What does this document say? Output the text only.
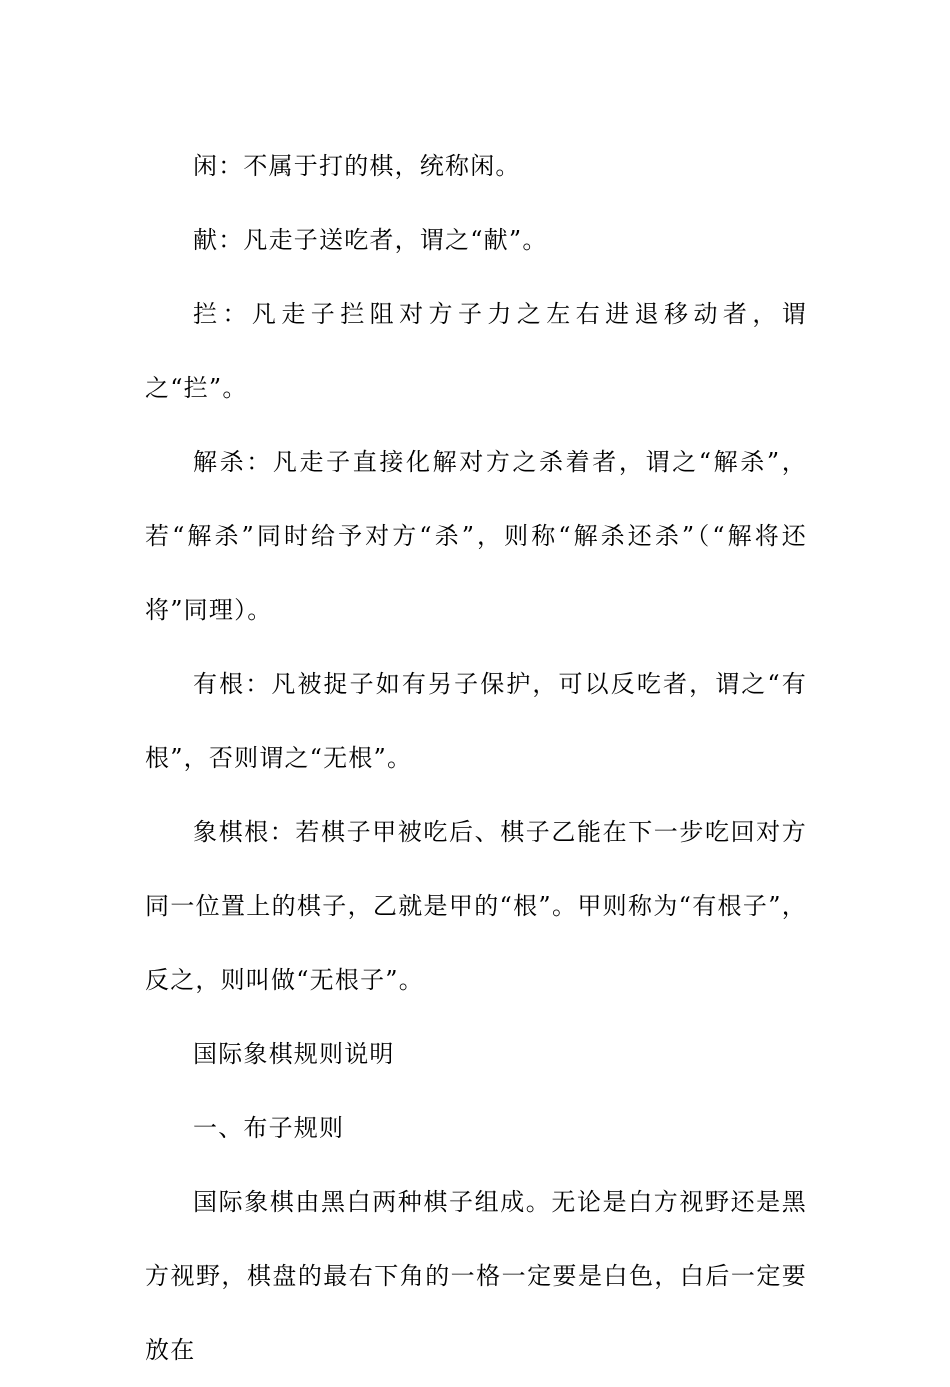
闲：不属于打的棋，统称闲。

献：凡走子送吃者，谓之“献”。

拦：凡走子拦阻对方子力之左右进退移动者，谓之“拦”。

解杀：凡走子直接化解对方之杀着者，谓之“解杀”，若“解杀”同时给予对方“杀”，则称“解杀还杀”（“解将还将”同理）。

有根：凡被捉子如有另子保护，可以反吃者，谓之“有根”，否则谓之“无根”。

象棋根：若棋子甲被吃后、棋子乙能在下一步吃回对方同一位置上的棋子，乙就是甲的“根”。甲则称为“有根子”，反之，则叫做“无根子”。

国际象棋规则说明

一、布子规则

国际象棋由黑白两种棋子组成。无论是白方视野还是黑方视野，棋盘的最右下角的一格一定要是白色，白后一定要放在
